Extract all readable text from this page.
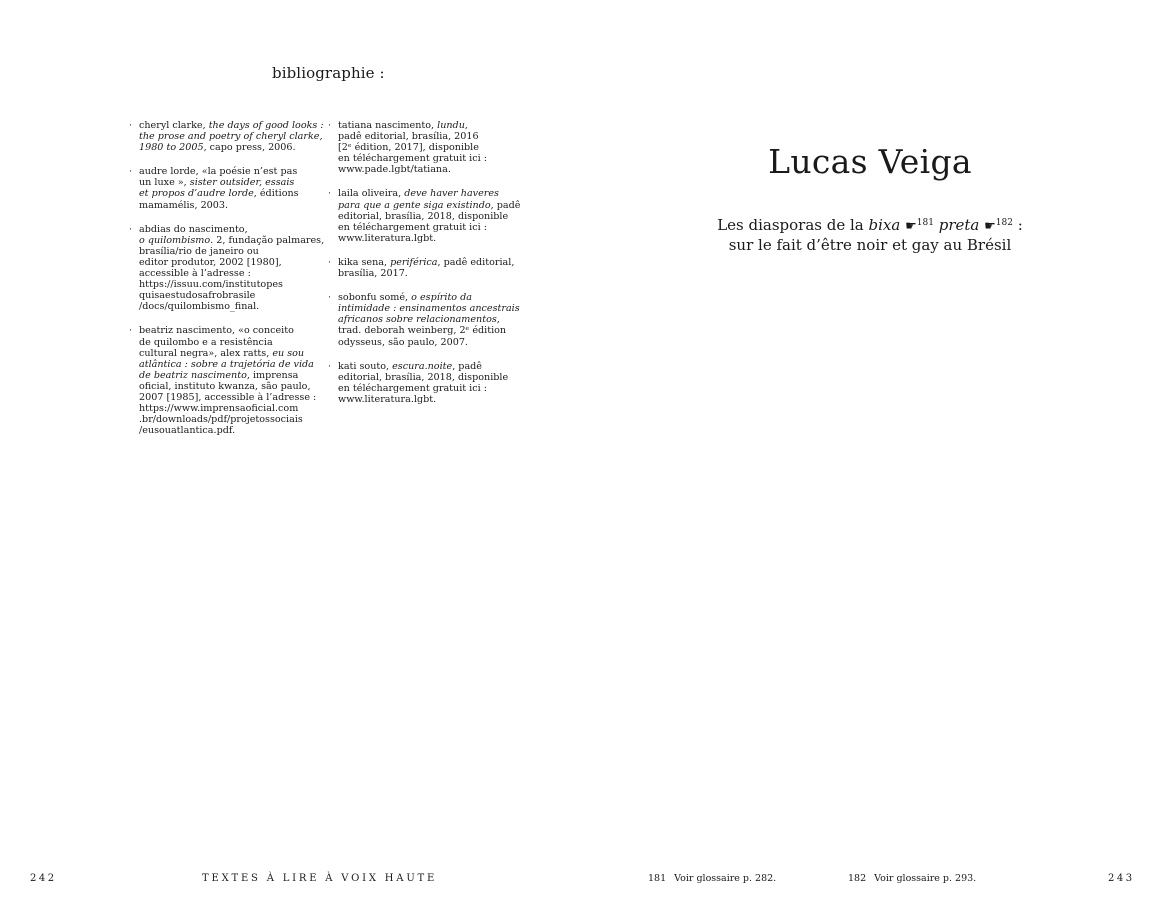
bibliographie :
· cheryl clarke, the days of good looks :
the prose and poetry of cheryl clarke,
1980 to 2005, capo press, 2006.
· audre lorde, «la poésie n’est pas
un luxe », sister outsider, essais
et propos d’audre lorde, éditions
mamamélis, 2003.
· abdias do nascimento,
o quilombismo. 2, fundação palmares,
brasília/rio de janeiro ou
editor produtor, 2002 [1980],
accessible à l’adresse :
https://issuu.com/institutopes
quisaestudosafrobrasile
/docs/quilombismo_final.
· beatriz nascimento, «o conceito
de quilombo e a resistência
cultural negra», alex ratts, eu sou
atlântica : sobre a trajetória de vida
de beatriz nascimento, imprensa
oficial, instituto kwanza, são paulo,
2007 [1985], accessible à l’adresse :
https://www.imprensaoficial.com
.br/downloads/pdf/projetossociais
/eusouatlantica.pdf.
· tatiana nascimento, lundu,
padê editorial, brasília, 2016
[2ᵉ édition, 2017], disponible
en téléchargement gratuit ici :
www.pade.lgbt/tatiana.
· laila oliveira, deve haver haveres
para que a gente siga existindo, padê
editorial, brasília, 2018, disponible
en téléchargement gratuit ici :
www.literatura.lgbt.
· kika sena, periférica, padê editorial,
brasília, 2017.
· sobonfu somé, o espírito da
intimidade : ensinamentos ancestrais
africanos sobre relacionamentos,
trad. deborah weinberg, 2ᵉ édition
odysseus, são paulo, 2007.
· kati souto, escura.noite, padê
editorial, brasília, 2018, disponible
en téléchargement gratuit ici :
www.literatura.lgbt.
242	TEXTES À LIRE À VOIX HAUTE
Lucas Veiga
Les diasporas de la bixa ☛$^{181}$ preta ☛$^{182}$ :
sur le fait d’être noir et gay au Brésil
181 Voir glossaire p. 282.	182 Voir glossaire p. 293.	243
